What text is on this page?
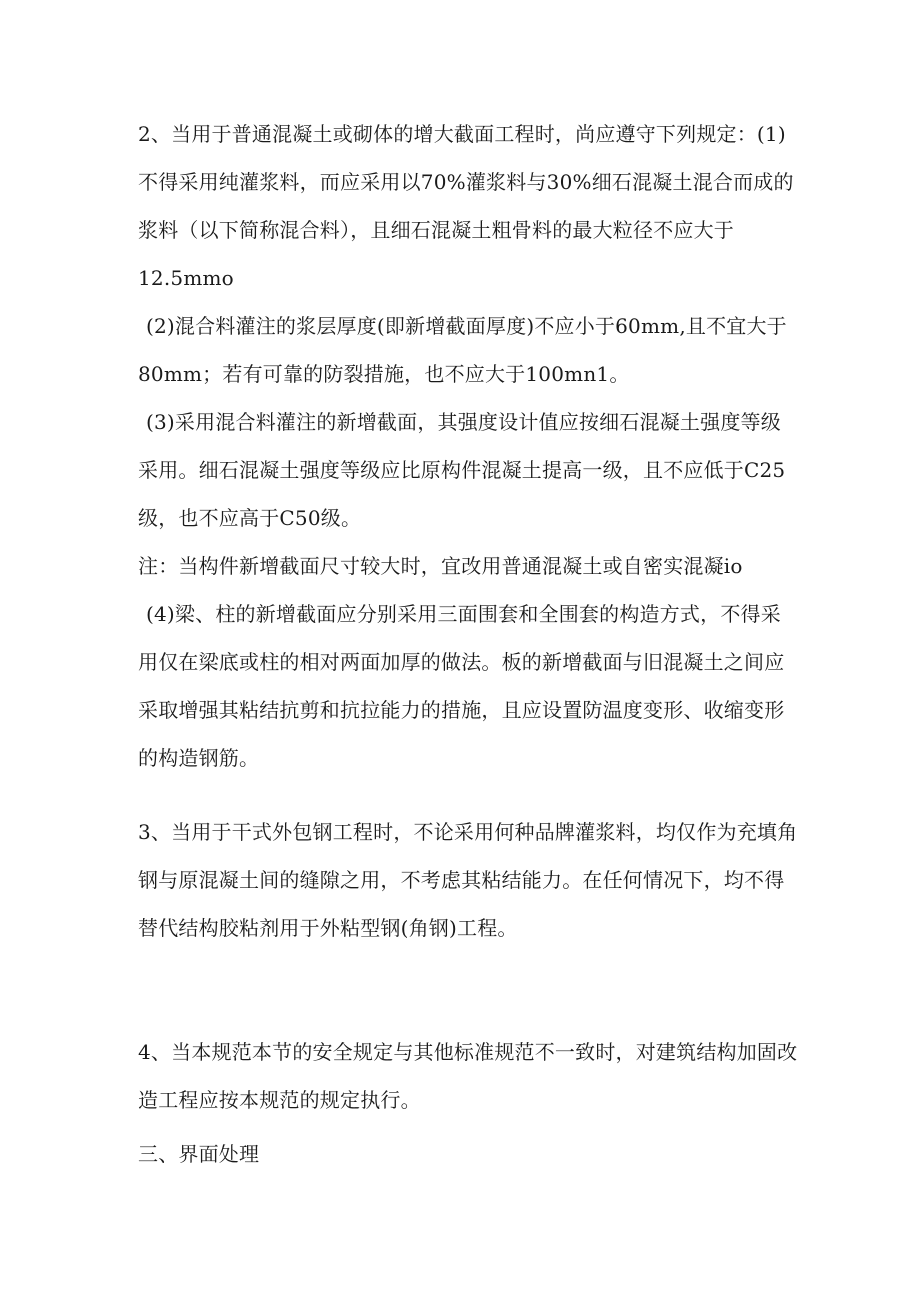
2、当用于普通混凝土或砌体的增大截面工程时，尚应遵守下列规定：(1)
不得采用纯灌浆料，而应采用以70%灌浆料与30%细石混凝土混合而成的
浆料（以下简称混合料），且细石混凝土粗骨料的最大粒径不应大于
12.5mmo
(2)混合料灌注的浆层厚度(即新增截面厚度)不应小于60mm,且不宜大于
80mm；若有可靠的防裂措施，也不应大于100mn1。
(3)采用混合料灌注的新增截面，其强度设计值应按细石混凝土强度等级
采用。细石混凝土强度等级应比原构件混凝土提高一级，且不应低于C25
级，也不应高于C50级。
注：当构件新增截面尺寸较大时，宜改用普通混凝土或自密实混凝io
(4)梁、柱的新增截面应分别采用三面围套和全围套的构造方式，不得采
用仅在梁底或柱的相对两面加厚的做法。板的新增截面与旧混凝土之间应
采取增强其粘结抗剪和抗拉能力的措施，且应设置防温度变形、收缩变形
的构造钢筋。
3、当用于干式外包钢工程时，不论采用何种品牌灌浆料，均仅作为充填角
钢与原混凝土间的缝隙之用，不考虑其粘结能力。在任何情况下，均不得
替代结构胶粘剂用于外粘型钢(角钢)工程。
4、当本规范本节的安全规定与其他标准规范不一致时，对建筑结构加固改
造工程应按本规范的规定执行。
三、界面处理
